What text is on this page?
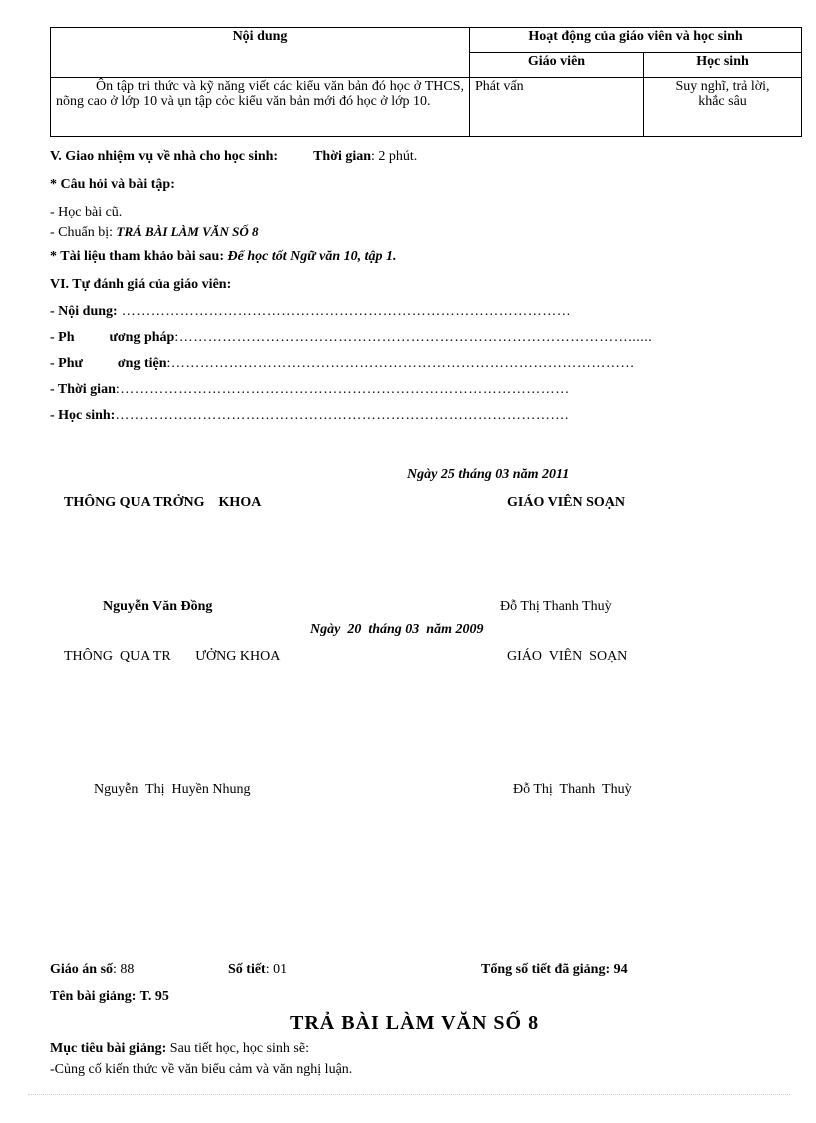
Nội dung	Hoạt động của giáo viên và học sinh	
	Giáo viên	Học sinh
Ôn tập tri thức và kỹ năng viết các kiểu văn bản đó học ở THCS, nõng cao ở lớp 10 và ụn tập cỏc kiểu văn bản mới đó học ở lớp 10.	Phát vấn	Suy nghĩ, trả lời,
khắc sâu
V. Giao nhiệm vụ về nhà cho học sinh:	Thời gian: 2 phút.
* Câu hỏi và bài tập:
- Học bài cũ.
- Chuẩn bị: TRẢ BÀI LÀM VĂN SỐ 8
* Tài liệu tham khảo bài sau: Để học tốt Ngữ văn 10, tập 1.
VI. Tự đánh giá của giáo viên:
- Nội dung: …………………………………………………………………………………
- Ph          ương pháp:…………………………………………………………………………………......
- Phư          ơng tiện:……………………………………………………………………………………
- Thời gian:…………………………………………………………………………………
- Học sinh:………………………………………………………………………………….
Ngày 25 tháng 03 năm 2011
THÔNG QUA TRỞNG    KHOA	GIÁO VIÊN SOẠN
Nguyễn Văn Đồng	Đỗ Thị Thanh Thuỳ
Ngày  20  tháng 03  năm 2009
THÔNG  QUA TR       ƯỞNG KHOA	GIÁO  VIÊN  SOẠN
Nguyễn  Thị  Huyền Nhung	Đỗ Thị  Thanh  Thuỳ
Giáo án số: 88	Số tiết: 01	Tổng số tiết đã giảng: 94
Tên bài giảng: T. 95
TRẢ BÀI LÀM VĂN SỐ 8
Mục tiêu bài giảng: Sau tiết học, học sinh sẽ:
-Củng cố kiến thức về văn biểu cảm và văn nghị luận.
